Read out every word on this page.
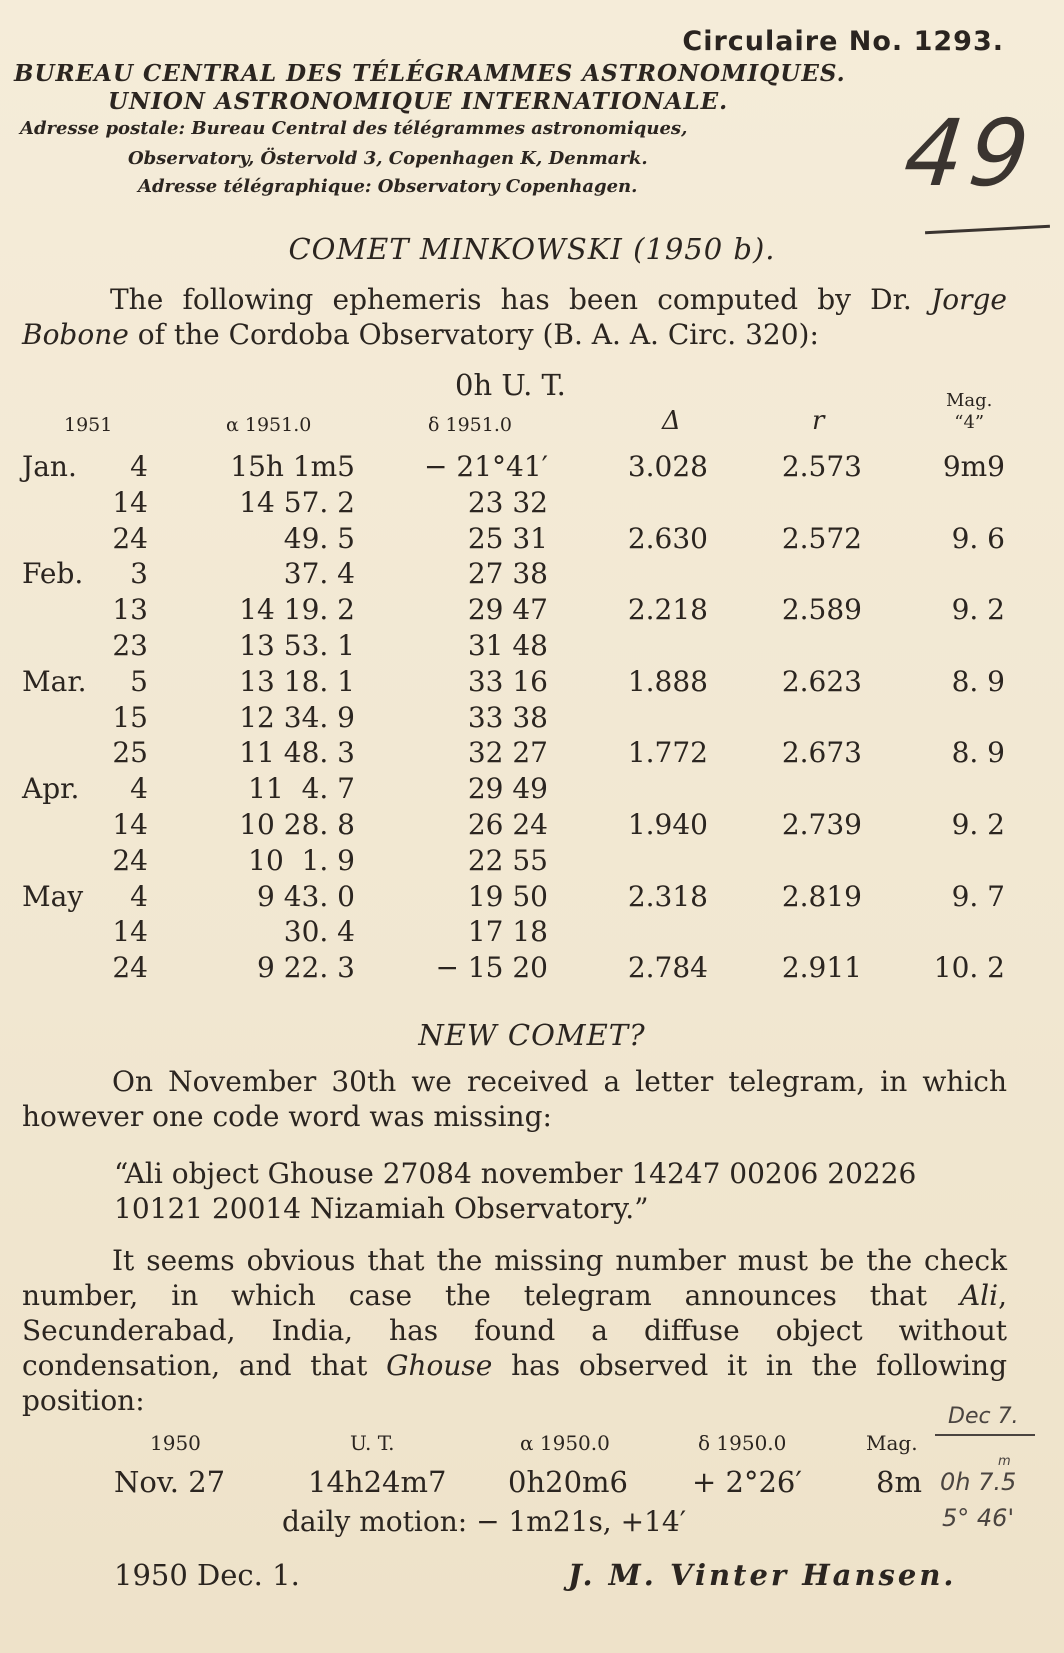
Circulaire No. 1293.
BUREAU CENTRAL DES TÉLÉGRAMMES ASTRONOMIQUES.
UNION ASTRONOMIQUE INTERNATIONALE.
Adresse postale: Bureau Central des télégrammes astronomiques,
Observatory, Östervold 3, Copenhagen K, Denmark.
Adresse télégraphique: Observatory Copenhagen.	49
COMET MINKOWSKI (1950 b).
The following ephemeris has been computed by Dr. Jorge Bobone of the Cordoba Observatory (B. A. A. Circ. 320):
0h U. T.
1951	α 1951.0	δ 1951.0	Δ	r
Mag.
“4”
Jan.	4	15h 1m5	− 21°41′	3.028	2.573	9m9
14	14 57. 2	23 32
24	49. 5	25 31	2.630	2.572	9. 6
Feb.	3	37. 4	27 38
13	14 19. 2	29 47	2.218	2.589	9. 2
23	13 53. 1	31 48
Mar.	5	13 18. 1	33 16	1.888	2.623	8. 9
15	12 34. 9	33 38
25	11 48. 3	32 27	1.772	2.673	8. 9
Apr.	4	11  4. 7	29 49
14	10 28. 8	26 24	1.940	2.739	9. 2
24	10  1. 9	22 55
May	4	9 43. 0	19 50	2.318	2.819	9. 7
14	30. 4	17 18
24	9 22. 3	− 15 20	2.784	2.911	10. 2
NEW COMET?
On November 30th we received a letter telegram, in which however one code word was missing:
“Ali object Ghouse 27084 november 14247 00206 20226 10121 20014 Nizamiah Observatory.”
It seems obvious that the missing number must be the check number, in which case the telegram announces that Ali, Secunderabad, India, has found a diffuse object without condensation, and that Ghouse has observed it in the following position:
1950	U. T.	α 1950.0	δ 1950.0	Mag.
Nov. 27	14h24m7 0h20m6 + 2°26′	8m
daily motion: − 1m21s, +14′
Dec 7.
0h 7.5
m
5° 46'
1950 Dec. 1.	J. M. Vinter Hansen.
